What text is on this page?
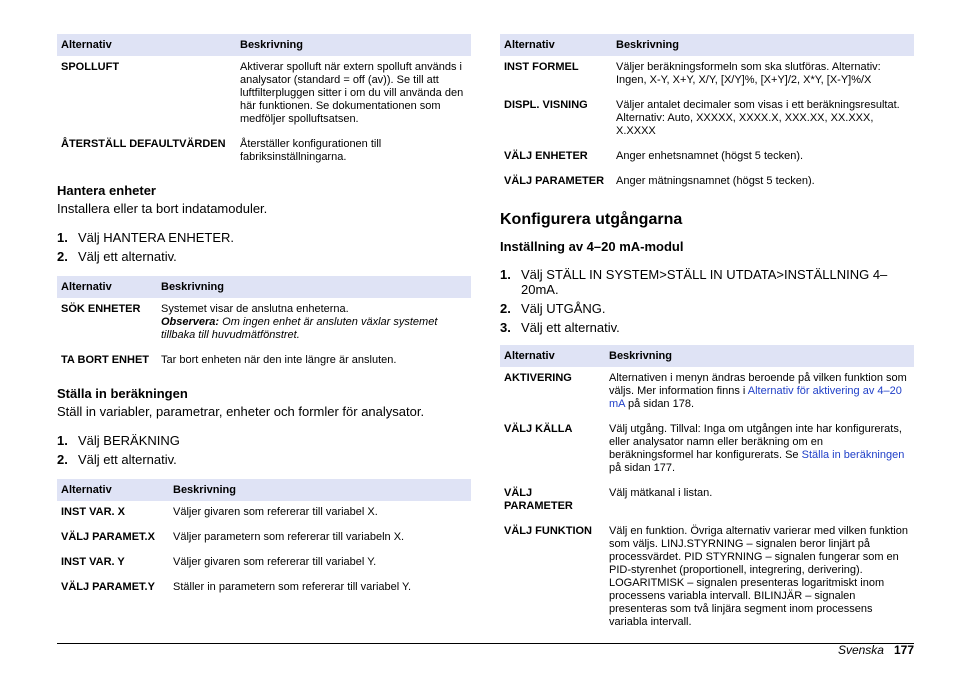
Alternativ	Beskrivning
SPOLLUFT	Aktiverar spolluft när extern spolluft används i analysator (standard = off (av)). Se till att luftfilterpluggen sitter i om du vill använda den här funktionen. Se dokumentationen som medföljer spolluftsatsen.
ÅTERSTÄLL DEFAULTVÄRDEN	Återställer konfigurationen till fabriksinställningarna.

Hantera enheter

Installera eller ta bort indatamoduler.

1. Välj HANTERA ENHETER.
2. Välj ett alternativ.
Alternativ	Beskrivning
SÖK ENHETER	Systemet visar de anslutna enheterna.
Observera: Om ingen enhet är ansluten växlar systemet tillbaka till huvudmätfönstret.

TA BORT ENHET	Tar bort enheten när den inte längre är ansluten.

Ställa in beräkningen

Ställ in variabler, parametrar, enheter och formler för analysator.

1. Välj BERÄKNING
2. Välj ett alternativ.
Alternativ	Beskrivning
INST VAR. X	Väljer givaren som refererar till variabel X.
VÄLJ PARAMET.X	Väljer parametern som refererar till variabeln X.
INST VAR. Y	Väljer givaren som refererar till variabel Y.
VÄLJ PARAMET.Y	Ställer in parametern som refererar till variabel Y.
Alternativ	Beskrivning
INST FORMEL	Väljer beräkningsformeln som ska slutföras. Alternativ: Ingen, X-Y, X+Y, X/Y, [X/Y]%, [X+Y]/2, X*Y, [X-Y]%/X
DISPL. VISNING	Väljer antalet decimaler som visas i ett beräkningsresultat. Alternativ: Auto, XXXXX, XXXX.X, XXX.XX, XX.XXX, X.XXXX
VÄLJ ENHETER	Anger enhetsnamnet (högst 5 tecken).
VÄLJ PARAMETER	Anger mätningsnamnet (högst 5 tecken).

Konfigurera utgångarna

Inställning av 4–20 mA-modul

1. Välj STÄLL IN SYSTEM>STÄLL IN UTDATA>INSTÄLLNING 4–20mA.
2. Välj UTGÅNG.
3. Välj ett alternativ.
Alternativ	Beskrivning
AKTIVERING	Alternativen i menyn ändras beroende på vilken funktion som väljs. Mer information finns i Alternativ för aktivering av 4–20 mA på sidan 178.
VÄLJ KÄLLA	Välj utgång. Tillval: Inga om utgången inte har konfigurerats, eller analysator namn eller beräkning om en beräkningsformel har konfigurerats. Se Ställa in beräkningen på sidan 177.
VÄLJ PARAMETER	Välj mätkanal i listan.
VÄLJ FUNKTION	Välj en funktion. Övriga alternativ varierar med vilken funktion som väljs. LINJ.STYRNING – signalen beror linjärt på processvärdet. PID STYRNING – signalen fungerar som en PID-styrenhet (proportionell, integrering, derivering). LOGARITMISK – signalen presenteras logaritmiskt inom processens variabla intervall. BILINJÄR – signalen presenteras som två linjära segment inom processens variabla intervall.
Svenska 177
